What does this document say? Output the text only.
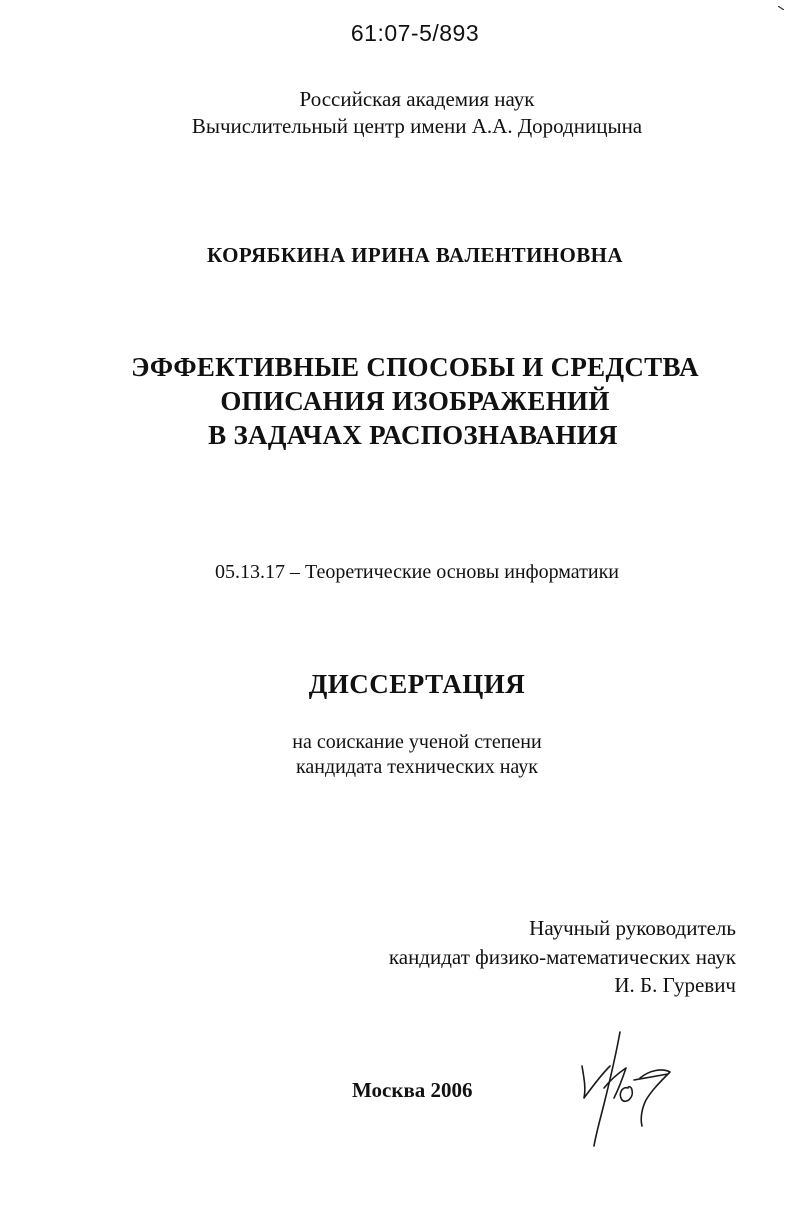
61:07-5/893
Российская академия наук
Вычислительный центр имени А.А. Дородницына
КОРЯБКИНА ИРИНА ВАЛЕНТИНОВНА
ЭФФЕКТИВНЫЕ СПОСОБЫ И СРЕДСТВА
ОПИСАНИЯ ИЗОБРАЖЕНИЙ
В ЗАДАЧАХ РАСПОЗНАВАНИЯ
05.13.17 – Теоретические основы информатики
ДИССЕРТАЦИЯ
на соискание ученой степени
кандидата технических наук
Научный руководитель
кандидат физико-математических наук
И. Б. Гуревич
Москва 2006
